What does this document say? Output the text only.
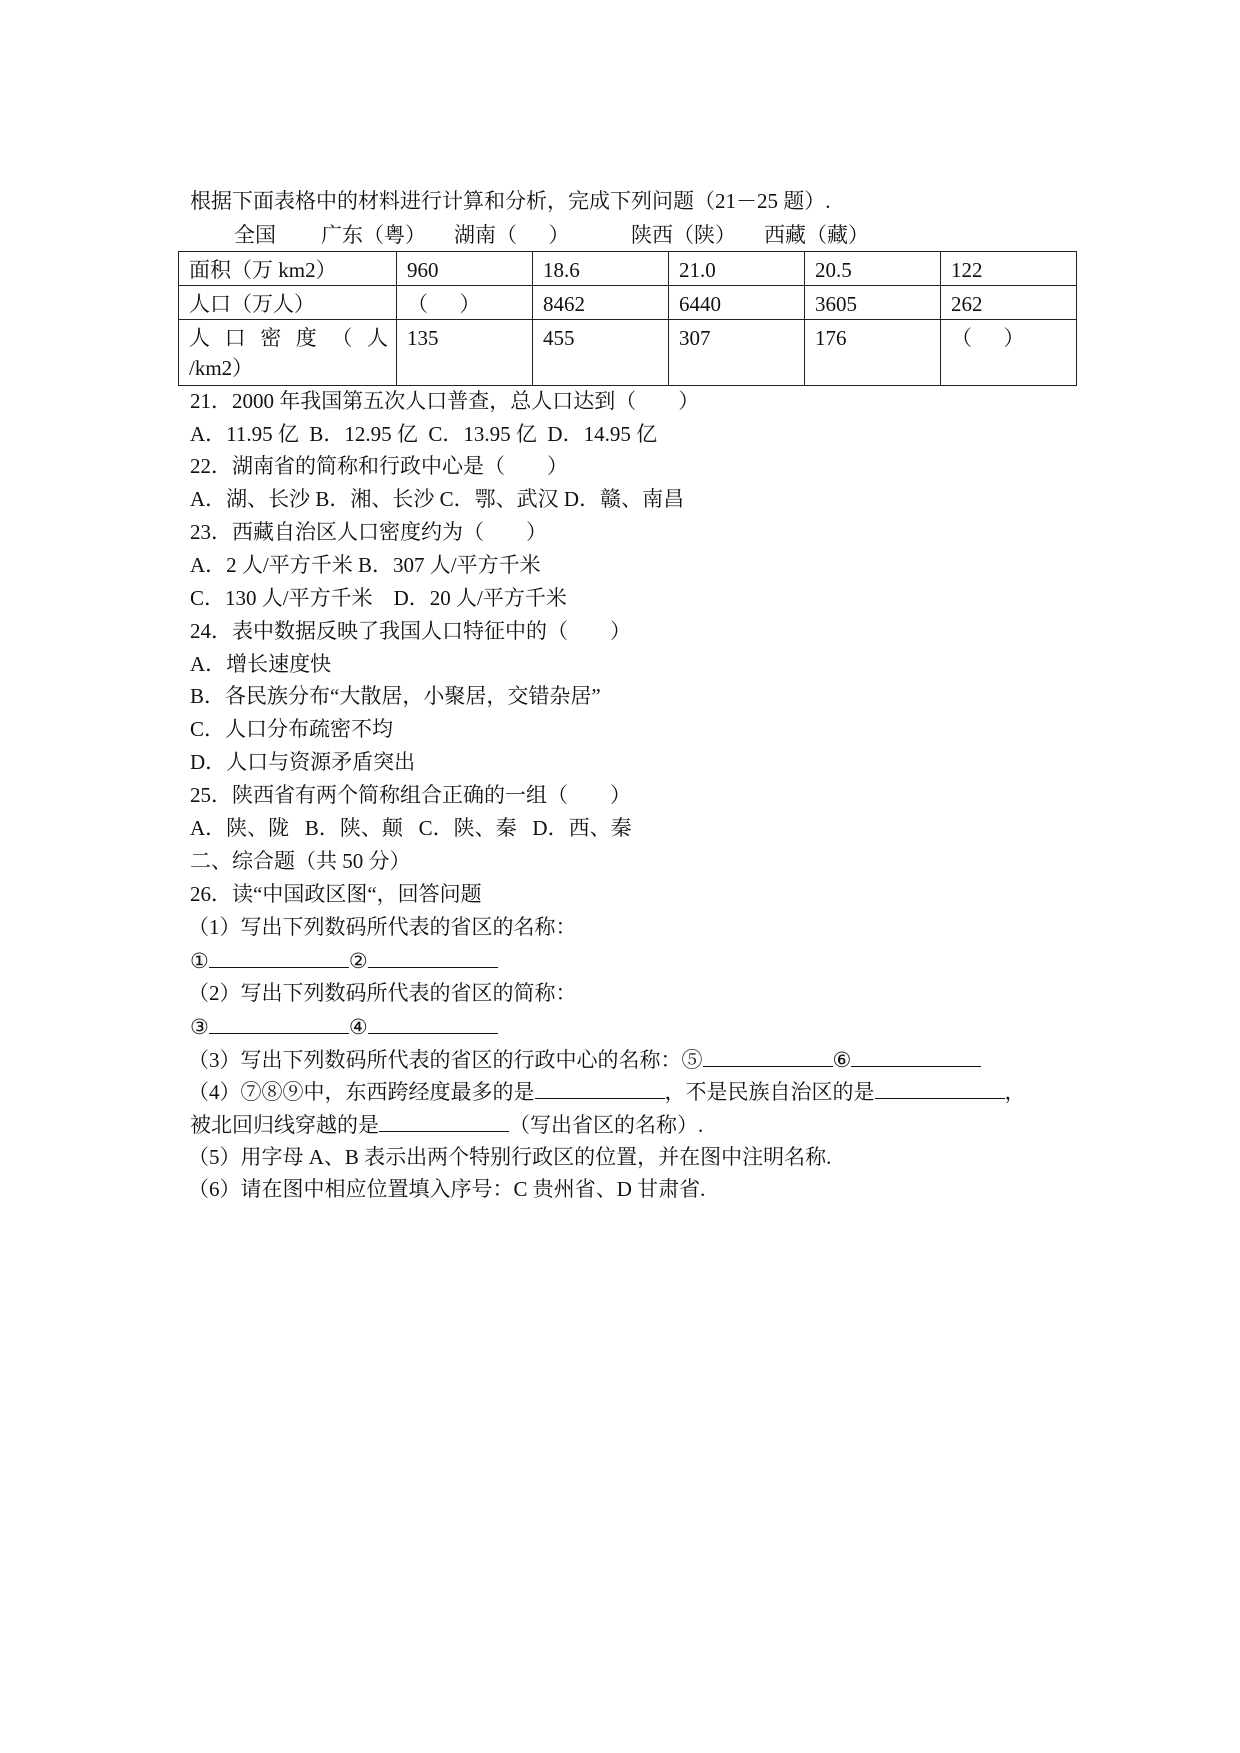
根据下面表格中的材料进行计算和分析，完成下列问题（21－25 题）.
全国 广东（粤） 湖南（      ）	陕西（陕） 西藏（藏）
面积（万 km2）	960	18.6	21.0	20.5	122
人口（万人）	（      ）	8462	6440	3605	262
人 口 密 度 （ 人 /km2）	135	455	307	176	（      ）
21．2000 年我国第五次人口普查，总人口达到（        ）
A．11.95 亿  B．12.95 亿  C．13.95 亿  D．14.95 亿
22．湖南省的简称和行政中心是（        ）
A．湖、长沙 B．湘、长沙 C．鄂、武汉 D．赣、南昌
23．西藏自治区人口密度约为（        ）
A．2 人/平方千米 B．307 人/平方千米
C．130 人/平方千米    D．20 人/平方千米
24．表中数据反映了我国人口特征中的（        ）
A．增长速度快
B．各民族分布“大散居，小聚居，交错杂居”
C．人口分布疏密不均
D．人口与资源矛盾突出
25．陕西省有两个简称组合正确的一组（        ）
A．陕、陇   B．陕、颠   C．陕、秦   D．西、秦
二、综合题（共 50 分）
26．读“中国政区图“，回答问题
（1）写出下列数码所代表的省区的名称：
①	②
（2）写出下列数码所代表的省区的简称：
③	④
（3）写出下列数码所代表的省区的行政中心的名称：⑤	⑥
（4）⑦⑧⑨中，东西跨经度最多的是	，不是民族自治区的是	，
被北回归线穿越的是	（写出省区的名称）.
（5）用字母 A、B 表示出两个特别行政区的位置，并在图中注明名称.
（6）请在图中相应位置填入序号：C 贵州省、D 甘肃省.
